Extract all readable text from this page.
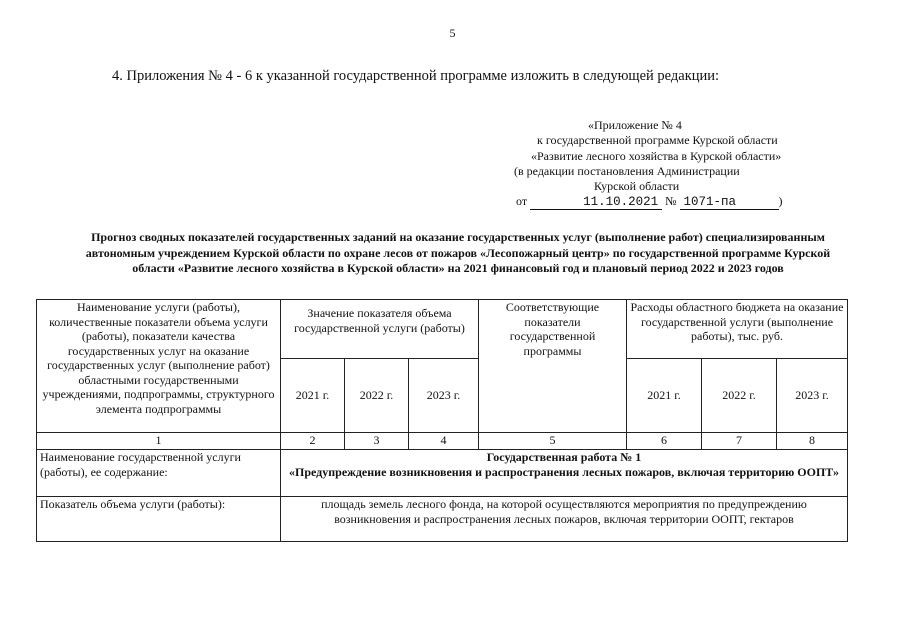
5
4. Приложения № 4 - 6 к указанной государственной программе изложить в следующей редакции:
«Приложение № 4
к государственной программе Курской области
«Развитие лесного хозяйства в Курской области»
(в редакции постановления Администрации
Курской области
от	11.10.2021 № 1071-па	)
Прогноз сводных показателей государственных заданий на оказание государственных услуг (выполнение работ) специализированным автономным учреждением Курской области по охране лесов от пожаров «Лесопожарный центр» по государственной программе Курской области «Развитие лесного хозяйства в Курской области» на 2021 финансовый год и плановый период 2022 и 2023 годов
Наименование услуги (работы), количественные показатели объема услуги (работы), показатели качества государственных услуг на оказание государственных услуг (выполнение работ) областными государственными учреждениями, подпрограммы, структурного элемента подпрограммы	Значение показателя объема государственной услуги (работы)			Соответствующие показатели государственной программы	Расходы областного бюджета на оказание государственной услуги (выполнение работы), тыс. руб.		
	2021 г.	2022 г.	2023 г.		2021 г.	2022 г.	2023 г.
1	2	3	4	5	6	7	8
Наименование государственной услуги (работы), ее содержание:	Государственная работа № 1
«Предупреждение возникновения и распространения лесных пожаров, включая территорию ООПТ»						

Показатель объема услуги (работы):	площадь земель лесного фонда, на которой осуществляются мероприятия по предупреждению возникновения и распространения лесных пожаров, включая территории ООПТ, гектаров						
